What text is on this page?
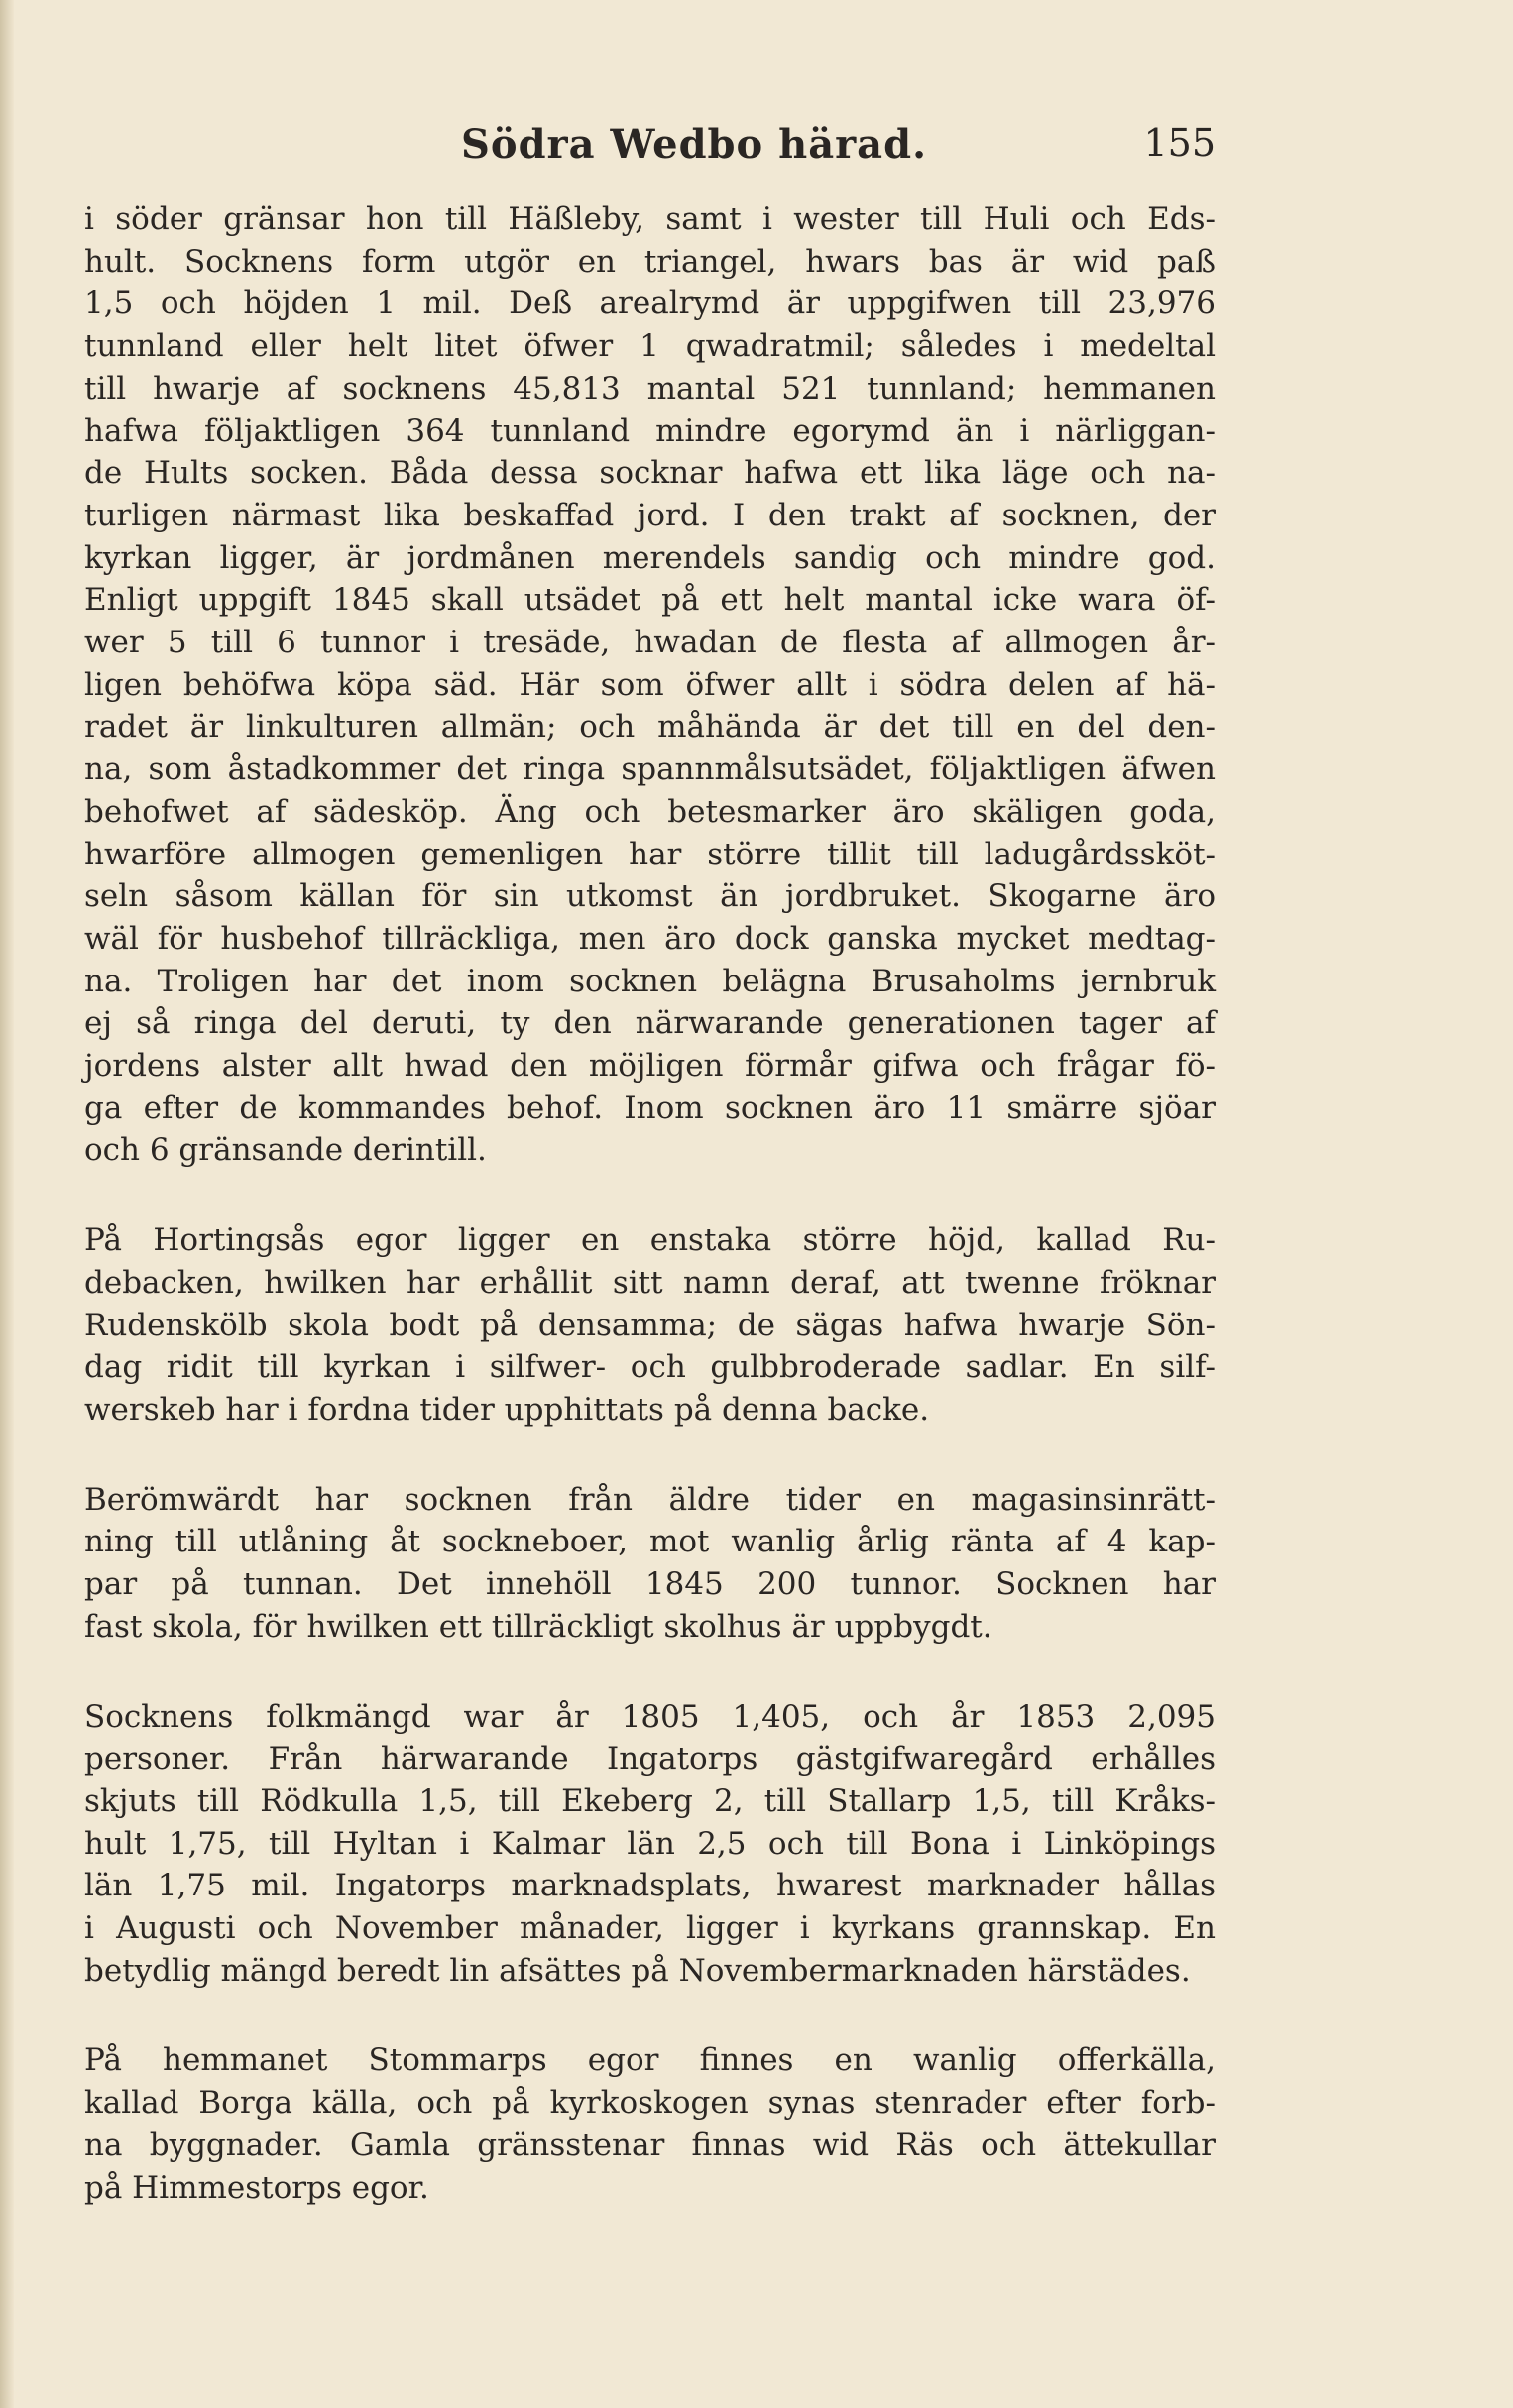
Södra Wedbo härad.	155
i söder gränsar hon till Häßleby, samt i wester till Huli och Eds-
hult. Socknens form utgör en triangel, hwars bas är wid paß
1,5 och höjden 1 mil. Deß arealrymd är uppgifwen till 23,976
tunnland eller helt litet öfwer 1 qwadratmil; således i medeltal
till hwarje af socknens 45,813 mantal 521 tunnland; hemmanen
hafwa följaktligen 364 tunnland mindre egorymd än i närliggan-
de Hults socken. Båda dessa socknar hafwa ett lika läge och na-
turligen närmast lika beskaffad jord. I den trakt af socknen, der
kyrkan ligger, är jordmånen merendels sandig och mindre god.
Enligt uppgift 1845 skall utsädet på ett helt mantal icke wara öf-
wer 5 till 6 tunnor i tresäde, hwadan de flesta af allmogen år-
ligen behöfwa köpa säd. Här som öfwer allt i södra delen af hä-
radet är linkulturen allmän; och måhända är det till en del den-
na, som åstadkommer det ringa spannmålsutsädet, följaktligen äfwen
behofwet af sädesköp. Äng och betesmarker äro skäligen goda,
hwarföre allmogen gemenligen har större tillit till ladugårdssköt-
seln såsom källan för sin utkomst än jordbruket. Skogarne äro
wäl för husbehof tillräckliga, men äro dock ganska mycket medtag-
na. Troligen har det inom socknen belägna Brusaholms jernbruk
ej så ringa del deruti, ty den närwarande generationen tager af
jordens alster allt hwad den möjligen förmår gifwa och frågar fö-
ga efter de kommandes behof. Inom socknen äro 11 smärre sjöar
och 6 gränsande derintill.
På Hortingsås egor ligger en enstaka större höjd, kallad Ru-
debacken, hwilken har erhållit sitt namn deraf, att twenne fröknar
Rudenskölb skola bodt på densamma; de sägas hafwa hwarje Sön-
dag ridit till kyrkan i silfwer- och gulbbroderade sadlar. En silf-
werskeb har i fordna tider upphittats på denna backe.
Berömwärdt har socknen från äldre tider en magasinsinrätt-
ning till utlåning åt sockneboer, mot wanlig årlig ränta af 4 kap-
par på tunnan. Det innehöll 1845 200 tunnor. Socknen har
fast skola, för hwilken ett tillräckligt skolhus är uppbygdt.
Socknens folkmängd war år 1805 1,405, och år 1853 2,095
personer. Från härwarande Ingatorps gästgifwaregård erhålles
skjuts till Rödkulla 1,5, till Ekeberg 2, till Stallarp 1,5, till Kråks-
hult 1,75, till Hyltan i Kalmar län 2,5 och till Bona i Linköpings
län 1,75 mil. Ingatorps marknadsplats, hwarest marknader hållas
i Augusti och November månader, ligger i kyrkans grannskap. En
betydlig mängd beredt lin afsättes på Novembermarknaden härstädes.
På hemmanet Stommarps egor finnes en wanlig offerkälla,
kallad Borga källa, och på kyrkoskogen synas stenrader efter forb-
na byggnader. Gamla gränsstenar finnas wid Räs och ättekullar
på Himmestorps egor.
